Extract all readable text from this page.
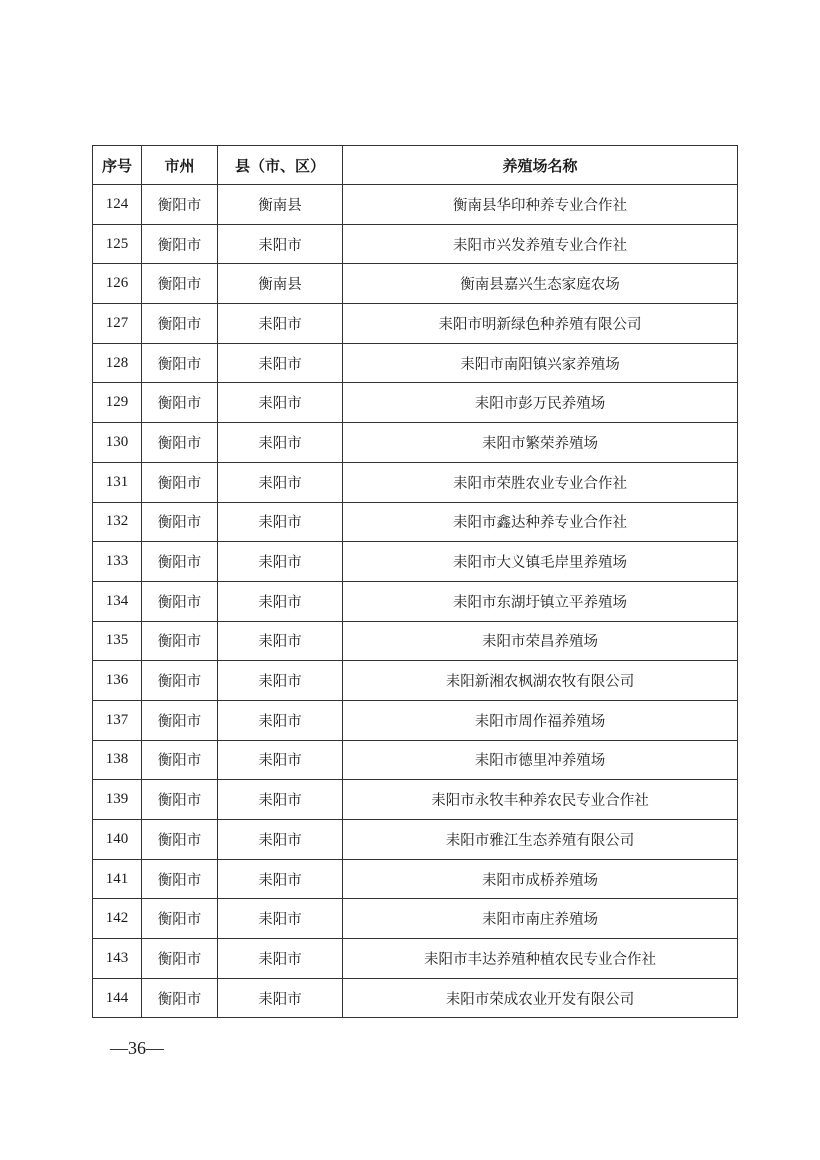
序号	市州	县（市、区）	养殖场名称
124	衡阳市	衡南县	衡南县华印种养专业合作社
125	衡阳市	耒阳市	耒阳市兴发养殖专业合作社
126	衡阳市	衡南县	衡南县嘉兴生态家庭农场
127	衡阳市	耒阳市	耒阳市明新绿色种养殖有限公司
128	衡阳市	耒阳市	耒阳市南阳镇兴家养殖场
129	衡阳市	耒阳市	耒阳市彭万民养殖场
130	衡阳市	耒阳市	耒阳市繁荣养殖场
131	衡阳市	耒阳市	耒阳市荣胜农业专业合作社
132	衡阳市	耒阳市	耒阳市鑫达种养专业合作社
133	衡阳市	耒阳市	耒阳市大义镇毛岸里养殖场
134	衡阳市	耒阳市	耒阳市东湖圩镇立平养殖场
135	衡阳市	耒阳市	耒阳市荣昌养殖场
136	衡阳市	耒阳市	耒阳新湘农枫湖农牧有限公司
137	衡阳市	耒阳市	耒阳市周作福养殖场
138	衡阳市	耒阳市	耒阳市德里冲养殖场
139	衡阳市	耒阳市	耒阳市永牧丰种养农民专业合作社
140	衡阳市	耒阳市	耒阳市雅江生态养殖有限公司
141	衡阳市	耒阳市	耒阳市成桥养殖场
142	衡阳市	耒阳市	耒阳市南庄养殖场
143	衡阳市	耒阳市	耒阳市丰达养殖种植农民专业合作社
144	衡阳市	耒阳市	耒阳市荣成农业开发有限公司
—36—
